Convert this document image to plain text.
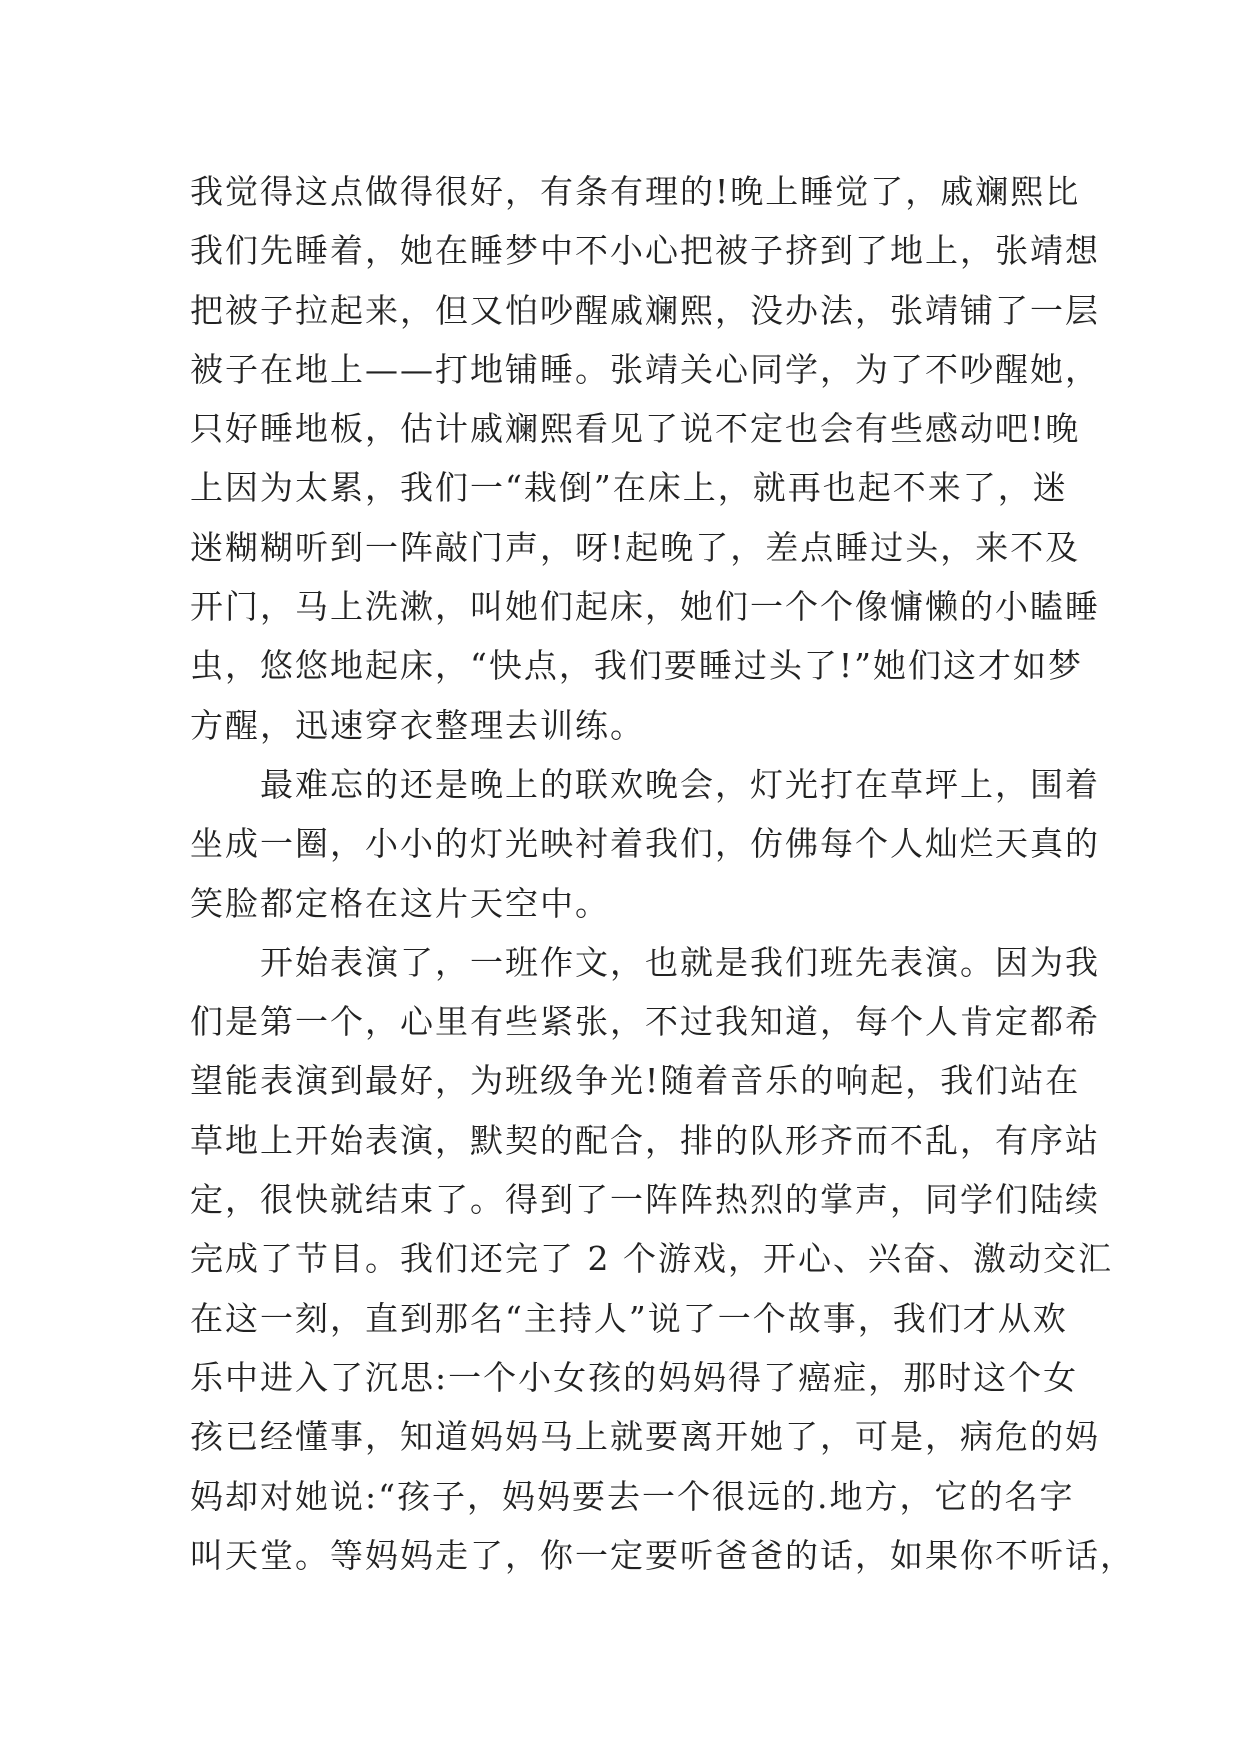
我觉得这点做得很好，有条有理的!晚上睡觉了，戚斓熙比
我们先睡着，她在睡梦中不小心把被子挤到了地上，张靖想
把被子拉起来，但又怕吵醒戚斓熙，没办法，张靖铺了一层
被子在地上——打地铺睡。张靖关心同学，为了不吵醒她，
只好睡地板，估计戚斓熙看见了说不定也会有些感动吧!晚
上因为太累，我们一“栽倒”在床上，就再也起不来了，迷
迷糊糊听到一阵敲门声，呀!起晚了，差点睡过头，来不及
开门，马上洗漱，叫她们起床，她们一个个像慵懒的小瞌睡
虫，悠悠地起床，“快点，我们要睡过头了!”她们这才如梦
方醒，迅速穿衣整理去训练。
　　最难忘的还是晚上的联欢晚会，灯光打在草坪上，围着
坐成一圈，小小的灯光映衬着我们，仿佛每个人灿烂天真的
笑脸都定格在这片天空中。
　　开始表演了，一班作文，也就是我们班先表演。因为我
们是第一个，心里有些紧张，不过我知道，每个人肯定都希
望能表演到最好，为班级争光!随着音乐的响起，我们站在
草地上开始表演，默契的配合，排的队形齐而不乱，有序站
定，很快就结束了。得到了一阵阵热烈的掌声，同学们陆续
完成了节目。我们还完了 2 个游戏，开心、兴奋、激动交汇
在这一刻，直到那名“主持人”说了一个故事，我们才从欢
乐中进入了沉思:一个小女孩的妈妈得了癌症，那时这个女
孩已经懂事，知道妈妈马上就要离开她了，可是，病危的妈
妈却对她说:“孩子，妈妈要去一个很远的.地方，它的名字
叫天堂。等妈妈走了，你一定要听爸爸的话，如果你不听话，
